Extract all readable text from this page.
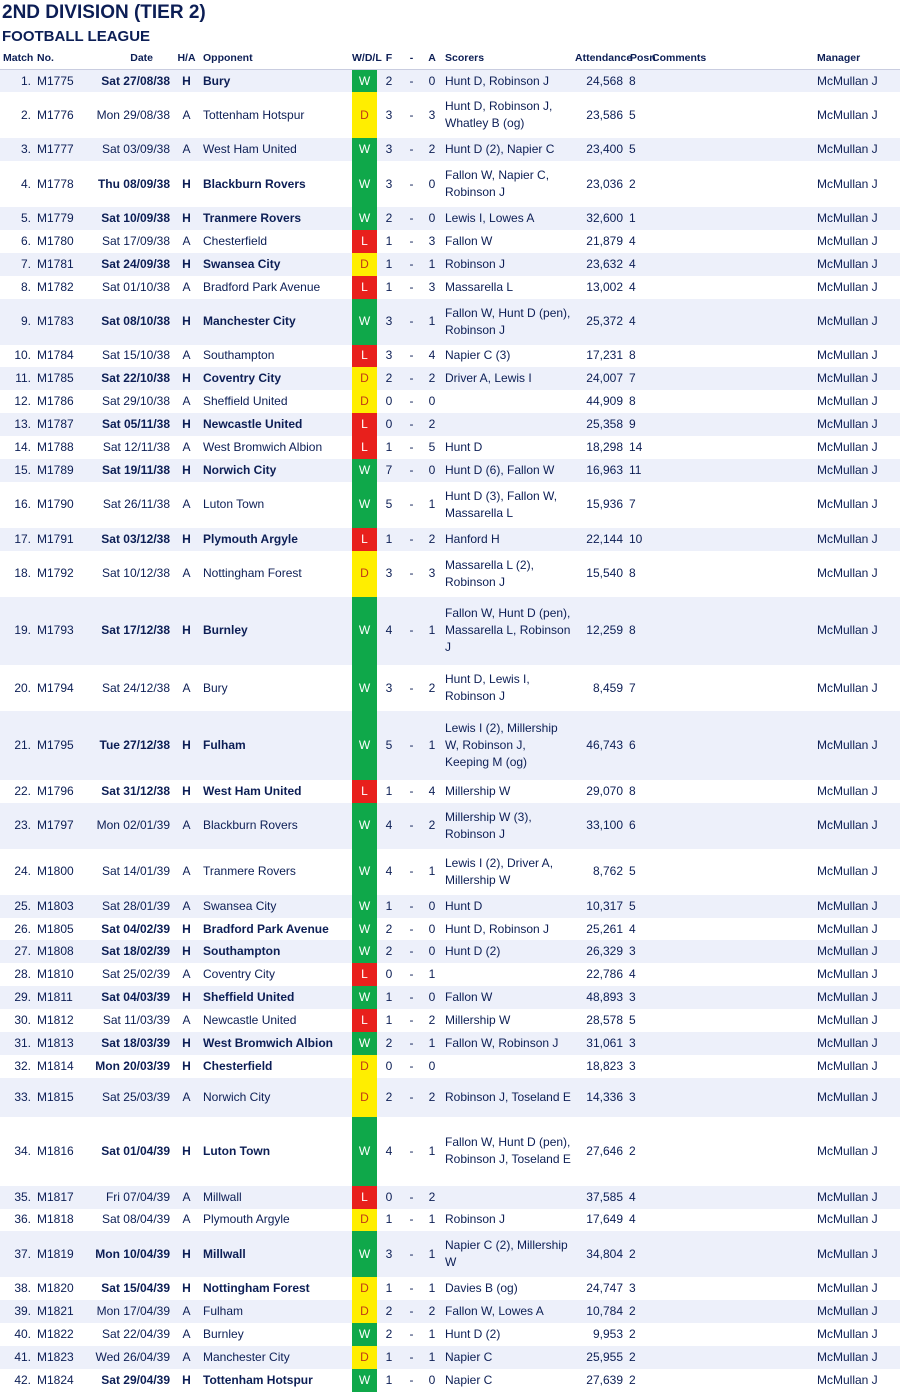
2ND DIVISION (TIER 2)
FOOTBALL LEAGUE
Match	No.	Date	H/A	Opponent	W/D/L	F	-	A	Scorers	Attendance	Posn	Comments	Manager
1.	M1775	Sat 27/08/38	H	Bury	W	2	-	0	Hunt D, Robinson J	24,568	8		McMullan J
2.	M1776	Mon 29/08/38	A	Tottenham Hotspur	D	3	-	3	Hunt D, Robinson J, Whatley B (og)	23,586	5		McMullan J
3.	M1777	Sat 03/09/38	A	West Ham United	W	3	-	2	Hunt D (2), Napier C	23,400	5		McMullan J
4.	M1778	Thu 08/09/38	H	Blackburn Rovers	W	3	-	0	Fallon W, Napier C, Robinson J	23,036	2		McMullan J
5.	M1779	Sat 10/09/38	H	Tranmere Rovers	W	2	-	0	Lewis I, Lowes A	32,600	1		McMullan J
6.	M1780	Sat 17/09/38	A	Chesterfield	L	1	-	3	Fallon W	21,879	4		McMullan J
7.	M1781	Sat 24/09/38	H	Swansea City	D	1	-	1	Robinson J	23,632	4		McMullan J
8.	M1782	Sat 01/10/38	A	Bradford Park Avenue	L	1	-	3	Massarella L	13,002	4		McMullan J
9.	M1783	Sat 08/10/38	H	Manchester City	W	3	-	1	Fallon W, Hunt D (pen), Robinson J	25,372	4		McMullan J
10.	M1784	Sat 15/10/38	A	Southampton	L	3	-	4	Napier C (3)	17,231	8		McMullan J
11.	M1785	Sat 22/10/38	H	Coventry City	D	2	-	2	Driver A, Lewis I	24,007	7		McMullan J
12.	M1786	Sat 29/10/38	A	Sheffield United	D	0	-	0		44,909	8		McMullan J
13.	M1787	Sat 05/11/38	H	Newcastle United	L	0	-	2		25,358	9		McMullan J
14.	M1788	Sat 12/11/38	A	West Bromwich Albion	L	1	-	5	Hunt D	18,298	14		McMullan J
15.	M1789	Sat 19/11/38	H	Norwich City	W	7	-	0	Hunt D (6), Fallon W	16,963	11		McMullan J
16.	M1790	Sat 26/11/38	A	Luton Town	W	5	-	1	Hunt D (3), Fallon W, Massarella L	15,936	7		McMullan J
17.	M1791	Sat 03/12/38	H	Plymouth Argyle	L	1	-	2	Hanford H	22,144	10		McMullan J
18.	M1792	Sat 10/12/38	A	Nottingham Forest	D	3	-	3	Massarella L (2), Robinson J	15,540	8		McMullan J
19.	M1793	Sat 17/12/38	H	Burnley	W	4	-	1	Fallon W, Hunt D (pen), Massarella L, Robinson J	12,259	8		McMullan J
20.	M1794	Sat 24/12/38	A	Bury	W	3	-	2	Hunt D, Lewis I, Robinson J	8,459	7		McMullan J
21.	M1795	Tue 27/12/38	H	Fulham	W	5	-	1	Lewis I (2), Millership W, Robinson J, Keeping M (og)	46,743	6		McMullan J
22.	M1796	Sat 31/12/38	H	West Ham United	L	1	-	4	Millership W	29,070	8		McMullan J
23.	M1797	Mon 02/01/39	A	Blackburn Rovers	W	4	-	2	Millership W (3), Robinson J	33,100	6		McMullan J
24.	M1800	Sat 14/01/39	A	Tranmere Rovers	W	4	-	1	Lewis I (2), Driver A, Millership W	8,762	5		McMullan J
25.	M1803	Sat 28/01/39	A	Swansea City	W	1	-	0	Hunt D	10,317	5		McMullan J
26.	M1805	Sat 04/02/39	H	Bradford Park Avenue	W	2	-	0	Hunt D, Robinson J	25,261	4		McMullan J
27.	M1808	Sat 18/02/39	H	Southampton	W	2	-	0	Hunt D (2)	26,329	3		McMullan J
28.	M1810	Sat 25/02/39	A	Coventry City	L	0	-	1		22,786	4		McMullan J
29.	M1811	Sat 04/03/39	H	Sheffield United	W	1	-	0	Fallon W	48,893	3		McMullan J
30.	M1812	Sat 11/03/39	A	Newcastle United	L	1	-	2	Millership W	28,578	5		McMullan J
31.	M1813	Sat 18/03/39	H	West Bromwich Albion	W	2	-	1	Fallon W, Robinson J	31,061	3		McMullan J
32.	M1814	Mon 20/03/39	H	Chesterfield	D	0	-	0		18,823	3		McMullan J
33.	M1815	Sat 25/03/39	A	Norwich City	D	2	-	2	Robinson J, Toseland E	14,336	3		McMullan J
34.	M1816	Sat 01/04/39	H	Luton Town	W	4	-	1	Fallon W, Hunt D (pen), Robinson J, Toseland E	27,646	2		McMullan J
35.	M1817	Fri 07/04/39	A	Millwall	L	0	-	2		37,585	4		McMullan J
36.	M1818	Sat 08/04/39	A	Plymouth Argyle	D	1	-	1	Robinson J	17,649	4		McMullan J
37.	M1819	Mon 10/04/39	H	Millwall	W	3	-	1	Napier C (2), Millership W	34,804	2		McMullan J
38.	M1820	Sat 15/04/39	H	Nottingham Forest	D	1	-	1	Davies B (og)	24,747	3		McMullan J
39.	M1821	Mon 17/04/39	A	Fulham	D	2	-	2	Fallon W, Lowes A	10,784	2		McMullan J
40.	M1822	Sat 22/04/39	A	Burnley	W	2	-	1	Hunt D (2)	9,953	2		McMullan J
41.	M1823	Wed 26/04/39	A	Manchester City	D	1	-	1	Napier C	25,955	2		McMullan J
42.	M1824	Sat 29/04/39	H	Tottenham Hotspur	W	1	-	0	Napier C	27,639	2		McMullan J
